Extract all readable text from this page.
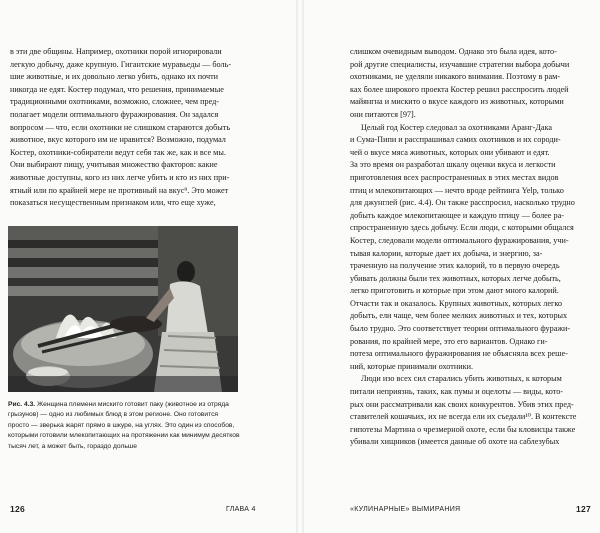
в эти две общины. Например, охотники порой игнорировали

легкую добычу, даже крупную. Гигантские муравьеды — боль-

шие животные, и их довольно легко убить, однако их почти

никогда не едят. Костер подумал, что решения, принимаемые

традиционными охотниками, возможно, сложнее, чем пред-

полагает модели оптимального фуражирования. Он задался

вопросом — что, если охотники не слишком стараются добыть

животное, вкус которого им не нравится? Возможно, подумал

Костер, охотники-собиратели ведут себя так же, как и все мы.

Они выбирают пищу, учитывая множество факторов: какие

животные доступны, кого из них легче убить и кто из них при-

ятный или по крайней мере не противный на вкус⁹. Это может

показаться несущественным признаком или, что еще хуже,

Рис. 4.3. Женщина племени мискито готовит паку (животное из отряда грызунов) — одно из любимых блюд в этом регионе. Оно готовится просто — зверька жарят прямо в шкуре, на углях. Это один из способов, которыми готовили млекопитающих на протяжении как минимум десятков тысяч лет, а может быть, гораздо дольше

126	ГЛАВА 4

слишком очевидным выводом. Однако это была идея, кото-

рой другие специалисты, изучавшие стратегии выбора добычи

охотниками, не уделяли никакого внимания. Поэтому в рам-

ках более широкого проекта Костер решил расспросить людей

майянгна и мискито о вкусе каждого из животных, которыми

они питаются [97].

Целый год Костер следовал за охотниками Аранг-Дака

и Сума-Пипи и расспрашивал самих охотников и их сороди-

чей о вкусе мяса животных, которых они убивают и едят.

За это время он разработал шкалу оценки вкуса и легкости

приготовления всех распространенных в этих местах видов

птиц и млекопитающих — нечто вроде рейтинга Yelp, только

для джунглей (рис. 4.4). Он также расспросил, насколько трудно

добыть каждое млекопитающее и каждую птицу — более ра-

спространенную здесь добычу. Если люди, с которыми общался

Костер, следовали модели оптимального фуражирования, учи-

тывая калории, которые дает их добыча, и энергию, за-

траченную на получение этих калорий, то в первую очередь

убивать должны были тех животных, которых легче добыть,

легко приготовить и которые при этом дают много калорий.

Отчасти так и оказалось. Крупных животных, которых легко

добыть, ели чаще, чем более мелких животных и тех, которых

было трудно. Это соответствует теории оптимального фуражи-

рования, по крайней мере, это его вариантов. Однако ги-

потеза оптимального фуражирования не объясняла всех реше-

ний, которые принимали охотники.

Люди изо всех сил старались убить животных, к которым

питали неприязнь, таких, как пумы и оцелоты — виды, кото-

рых они рассматривали как своих конкурентов. Убив этих пред-

ставителей кошачьих, их не всегда ели их съедали¹⁰. В контексте

гипотезы Мартина о чрезмерной охоте, если бы кловисцы также

убивали хищников (имеется данные об охоте на саблезубых

«КУЛИНАРНЫЕ» ВЫМИРАНИЯ	127
